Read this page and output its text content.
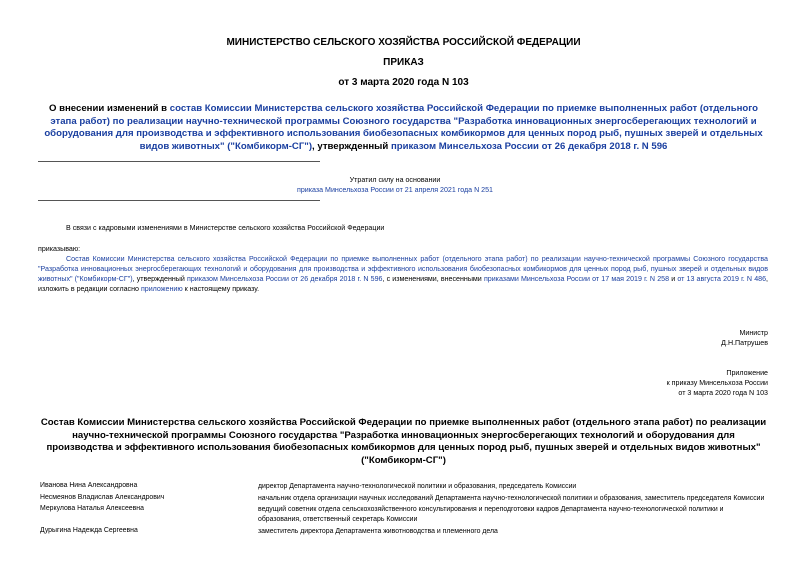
МИНИСТЕРСТВО СЕЛЬСКОГО ХОЗЯЙСТВА РОССИЙСКОЙ ФЕДЕРАЦИИ
ПРИКАЗ
от 3 марта 2020 года N 103
О внесении изменений в состав Комиссии Министерства сельского хозяйства Российской Федерации по приемке выполненных работ (отдельного этапа работ) по реализации научно-технической программы Союзного государства "Разработка инновационных энергосберегающих технологий и оборудования для производства и эффективного использования биобезопасных комбикормов для ценных пород рыб, пушных зверей и отдельных видов животных" ("Комбикорм-СГ"), утвержденный приказом Минсельхоза России от 26 декабря 2018 г. N 596
Утратил силу на основании
приказа Минсельхоза России от 21 апреля 2021 года N 251
В связи с кадровыми изменениями в Министерстве сельского хозяйства Российской Федерации
приказываю:
Состав Комиссии Министерства сельского хозяйства Российской Федерации по приемке выполненных работ (отдельного этапа работ) по реализации научно-технической программы Союзного государства "Разработка инновационных энергосберегающих технологий и оборудования для производства и эффективного использования биобезопасных комбикормов для ценных пород рыб, пушных зверей и отдельных видов животных" ("Комбикорм-СГ"), утвержденный приказом Минсельхоза России от 26 декабря 2018 г. N 596, с изменениями, внесенными приказами Минсельхоза России от 17 мая 2019 г. N 258 и от 13 августа 2019 г. N 486, изложить в редакции согласно приложению к настоящему приказу.
Министр
Д.Н.Патрушев
Приложение
к приказу Минсельхоза России
от 3 марта 2020 года N 103
Состав Комиссии Министерства сельского хозяйства Российской Федерации по приемке выполненных работ (отдельного этапа работ) по реализации научно-технической программы Союзного государства "Разработка инновационных энергосберегающих технологий и оборудования для производства и эффективного использования биобезопасных комбикормов для ценных пород рыб, пушных зверей и отдельных видов животных" ("Комбикорм-СГ")
Иванова Нина Александровна	директор Департамента научно-технологической политики и образования, председатель Комиссии
Несмеянов Владислав Александрович	начальник отдела организации научных исследований Департамента научно-технологической политики и образования, заместитель председателя Комиссии
Меркулова Наталья Алексеевна	ведущий советник отдела сельскохозяйственного консультирования и переподготовки кадров Департамента научно-технологической политики и образования, ответственный секретарь Комиссии
Дурыгина Надежда Сергеевна	заместитель директора Департамента животноводства и племенного дела
